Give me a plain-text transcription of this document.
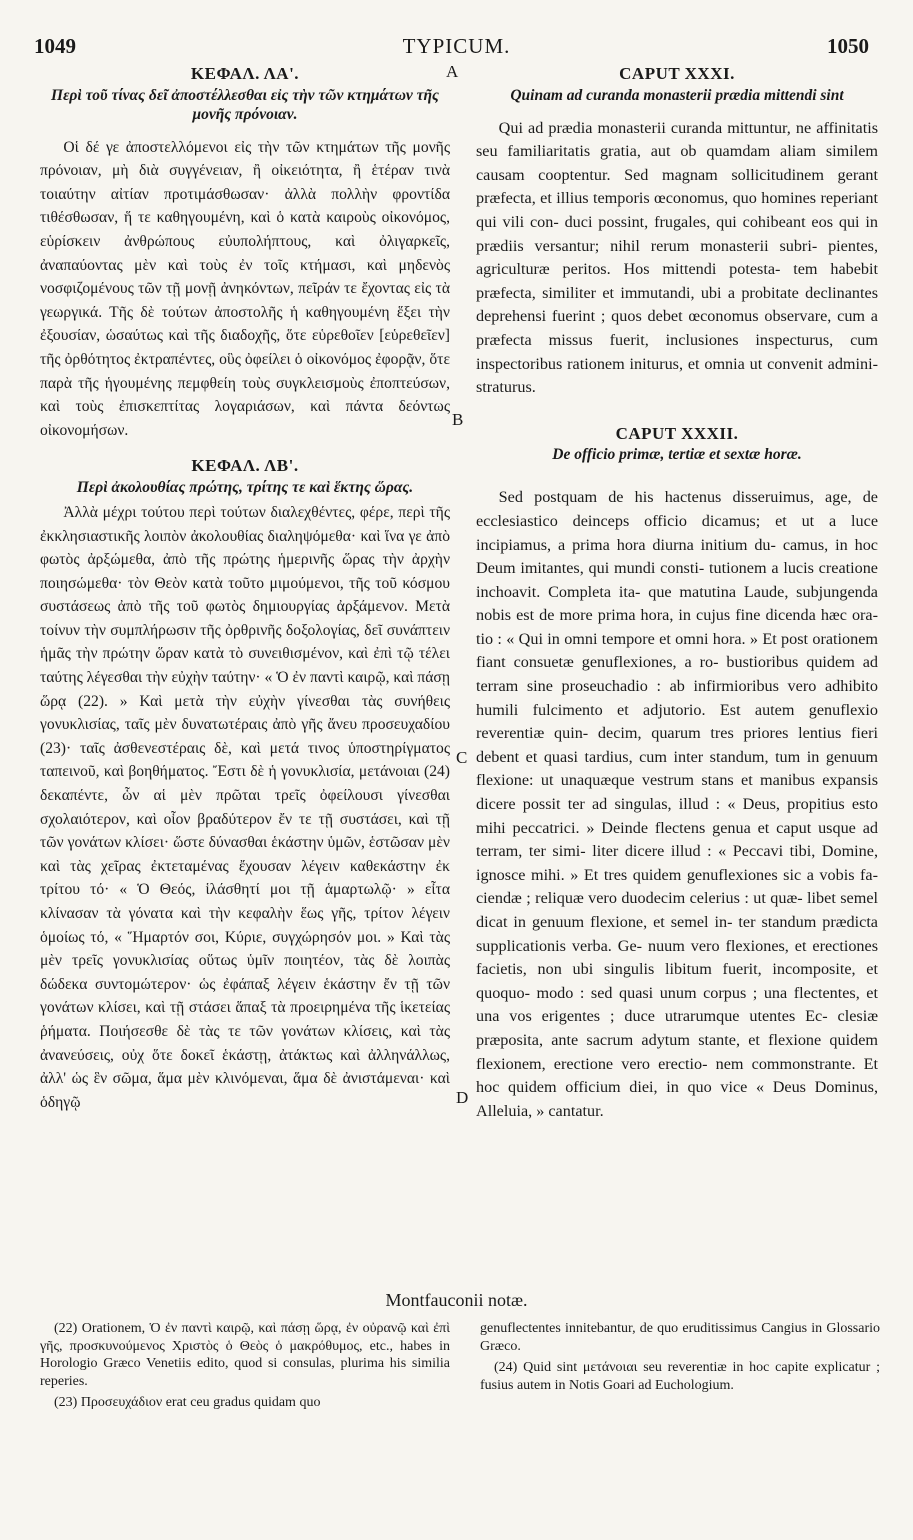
1049	TYPICUM.	1050
A
B
C
D
ΚΕΦΑΛ. ΛΑ'.

Περὶ τοῦ τίνας δεῖ ἀποστέλλεσθαι εἰς τὴν τῶν κτημάτων τῆς μονῆς πρόνοιαν.

Οἱ δέ γε ἀποστελλόμενοι εἰς τὴν τῶν κτημάτων τῆς μονῆς πρόνοιαν, μὴ διὰ συγγένειαν, ἢ οἰκειότητα, ἢ ἑτέραν τινὰ τοιαύτην αἰτίαν προτιμάσθωσαν· ἀλλὰ πολλὴν φροντίδα τιθέσθωσαν, ἥ τε καθηγουμένη, καὶ ὁ κατὰ καιροὺς οἰκονόμος, εὑρίσκειν ἀνθρώπους εὐυπολήπτους, καὶ ὀλιγαρκεῖς, ἀναπαύοντας μὲν καὶ τοὺς ἐν τοῖς κτήμασι, καὶ μηδενὸς νοσφιζομένους τῶν τῇ μονῇ ἀνηκόντων, πεῖράν τε ἔχοντας εἰς τὰ γεωργικά. Τῆς δὲ τούτων ἀποστολῆς ἡ καθηγουμένη ἕξει τὴν ἐξουσίαν, ὡσαύτως καὶ τῆς διαδοχῆς, ὅτε εὑρεθοῖεν [εὑρεθεῖεν] τῆς ὀρθότητος ἐκτραπέντες, οὓς ὀφείλει ὁ οἰκονόμος ἐφορᾷν, ὅτε παρὰ τῆς ἡγουμένης πεμφθείη τοὺς συγκλεισμοὺς ἐποπτεύσων, καὶ τοὺς ἐπισκεπτίτας λογαριάσων, καὶ πάντα δεόντως οἰκονομήσων.

ΚΕΦΑΛ. ΛΒ'.

Περὶ ἀκολουθίας πρώτης, τρίτης τε καὶ ἕκτης ὥρας.

Ἀλλὰ μέχρι τούτου περὶ τούτων διαλεχθέντες, φέρε, περὶ τῆς ἐκκλησιαστικῆς λοιπὸν ἀκολουθίας διαληψόμεθα· καὶ ἵνα γε ἀπὸ φωτὸς ἀρξώμεθα, ἀπὸ τῆς πρώτης ἡμερινῆς ὥρας τὴν ἀρχὴν ποιησώμεθα· τὸν Θεὸν κατὰ τοῦτο μιμούμενοι, τῆς τοῦ κόσμου συστάσεως ἀπὸ τῆς τοῦ φωτὸς δημιουργίας ἀρξάμενον. Μετὰ τοίνυν τὴν συμπλήρωσιν τῆς ὀρθρινῆς δοξολογίας, δεῖ συνάπτειν ἡμᾶς τὴν πρώτην ὥραν κατὰ τὸ συνειθισμένον, καὶ ἐπὶ τῷ τέλει ταύτης λέγεσθαι τὴν εὐχὴν ταύτην· « Ὁ ἐν παντὶ καιρῷ, καὶ πάσῃ ὥρᾳ (22). » Καὶ μετὰ τὴν εὐχὴν γίνεσθαι τὰς συνήθεις γονυκλισίας, ταῖς μὲν δυνατωτέραις ἀπὸ γῆς ἄνευ προσευχαδίου (23)· ταῖς ἀσθενεστέραις δὲ, καὶ μετά τινος ὑποστηρίγματος ταπεινοῦ, καὶ βοηθήματος. Ἔστι δὲ ἡ γονυκλισία, μετάνοιαι (24) δεκαπέντε, ὧν αἱ μὲν πρῶται τρεῖς ὀφείλουσι γίνεσθαι σχολαιότερον, καὶ οἷον βραδύτερον ἔν τε τῇ συστάσει, καὶ τῇ τῶν γονάτων κλίσει· ὥστε δύνασθαι ἑκάστην ὑμῶν, ἑστῶσαν μὲν καὶ τὰς χεῖρας ἐκτεταμένας ἔχουσαν λέγειν καθεκάστην ἐκ τρίτου τό· « Ὁ Θεός, ἱλάσθητί μοι τῇ ἁμαρτωλῷ· » εἶτα κλίνασαν τὰ γόνατα καὶ τὴν κεφαλὴν ἕως γῆς, τρίτον λέγειν ὁμοίως τό, « Ἥμαρτόν σοι, Κύριε, συγχώρησόν μοι. » Καὶ τὰς μὲν τρεῖς γονυκλισίας οὕτως ὑμῖν ποιητέον, τὰς δὲ λοιπὰς δώδεκα συντομώτερον· ὡς ἐφάπαξ λέγειν ἑκάστην ἔν τῇ τῶν γονάτων κλίσει, καὶ τῇ στάσει ἅπαξ τὰ προειρημένα τῆς ἱκετείας ῥήματα. Ποιήσεσθε δὲ τὰς τε τῶν γονάτων κλίσεις, καὶ τὰς ἀνανεύσεις, οὐχ ὅτε δοκεῖ ἑκάστῃ, ἀτάκτως καὶ ἀλληνάλλως, ἀλλ' ὡς ἓν σῶμα, ἅμα μὲν κλινόμεναι, ἅμα δὲ ἀνιστάμεναι· καὶ ὁδηγῷ

CAPUT XXXI.

Quinam ad curanda monasterii prædia mittendi sint

Qui ad prædia monasterii curanda mittuntur, ne affinitatis seu familiaritatis gratia, aut ob quamdam aliam similem causam cooptentur. Sed magnam sollicitudinem gerant præfecta, et illius temporis œconomus, quo homines reperiant qui vili con- duci possint, frugales, qui cohibeant eos qui in prædiis versantur; nihil rerum monasterii subri- pientes, agriculturæ peritos. Hos mittendi potesta- tem habebit præfecta, similiter et immutandi, ubi a probitate declinantes deprehensi fuerint ; quos debet œconomus observare, cum a præfecta missus fuerit, inclusiones inspecturus, cum inspectoribus rationem initurus, et omnia ut convenit admini- straturus.

CAPUT XXXII.

De officio primæ, tertiæ et sextæ horæ.

Sed postquam de his hactenus disseruimus, age, de ecclesiastico deinceps officio dicamus; et ut a luce incipiamus, a prima hora diurna initium du- camus, in hoc Deum imitantes, qui mundi consti- tutionem a lucis creatione inchoavit. Completa ita- que matutina Laude, subjungenda nobis est de more prima hora, in cujus fine dicenda hæc ora- tio : « Qui in omni tempore et omni hora. » Et post orationem fiant consuetæ genuflexiones, a ro- bustioribus quidem ad terram sine proseuchadio : ab infirmioribus vero adhibito humili fulcimento et adjutorio. Est autem genuflexio reverentiæ quin- decim, quarum tres priores lentius fieri debent et quasi tardius, cum inter standum, tum in genuum flexione: ut unaquæque vestrum stans et manibus expansis dicere possit ter ad singulas, illud : « Deus, propitius esto mihi peccatrici. » Deinde flectens genua et caput usque ad terram, ter simi- liter dicere illud : « Peccavi tibi, Domine, ignosce mihi. » Et tres quidem genuflexiones sic a vobis fa- ciendæ ; reliquæ vero duodecim celerius : ut quæ- libet semel dicat in genuum flexione, et semel in- ter standum prædicta supplicationis verba. Ge- nuum vero flexiones, et erectiones facietis, non ubi singulis libitum fuerit, incomposite, et quoquo- modo : sed quasi unum corpus ; una flectentes, et una vos erigentes ; duce utrarumque utentes Ec- clesiæ præposita, ante sacrum adytum stante, et flexione quidem flexionem, erectione vero erectio- nem commonstrante. Et hoc quidem officium diei, in quo vice « Deus Dominus, Alleluia, » cantatur.

Montfauconii notæ.

(22) Orationem, Ὁ ἐν παντὶ καιρῷ, καὶ πάσῃ ὥρᾳ, ἐν οὐρανῷ καὶ ἐπὶ γῆς, προσκυνούμενος Χριστὸς ὁ Θεὸς ὁ μακρόθυμος, etc., habes in Horologio Græco Venetiis edito, quod si consulas, plurima his similia reperies.

(23) Προσευχάδιον erat ceu gradus quidam quo

genuflectentes innitebantur, de quo eruditissimus Cangius in Glossario Græco.

(24) Quid sint μετάνοιαι seu reverentiæ in hoc capite explicatur ; fusius autem in Notis Goari ad Euchologium.
